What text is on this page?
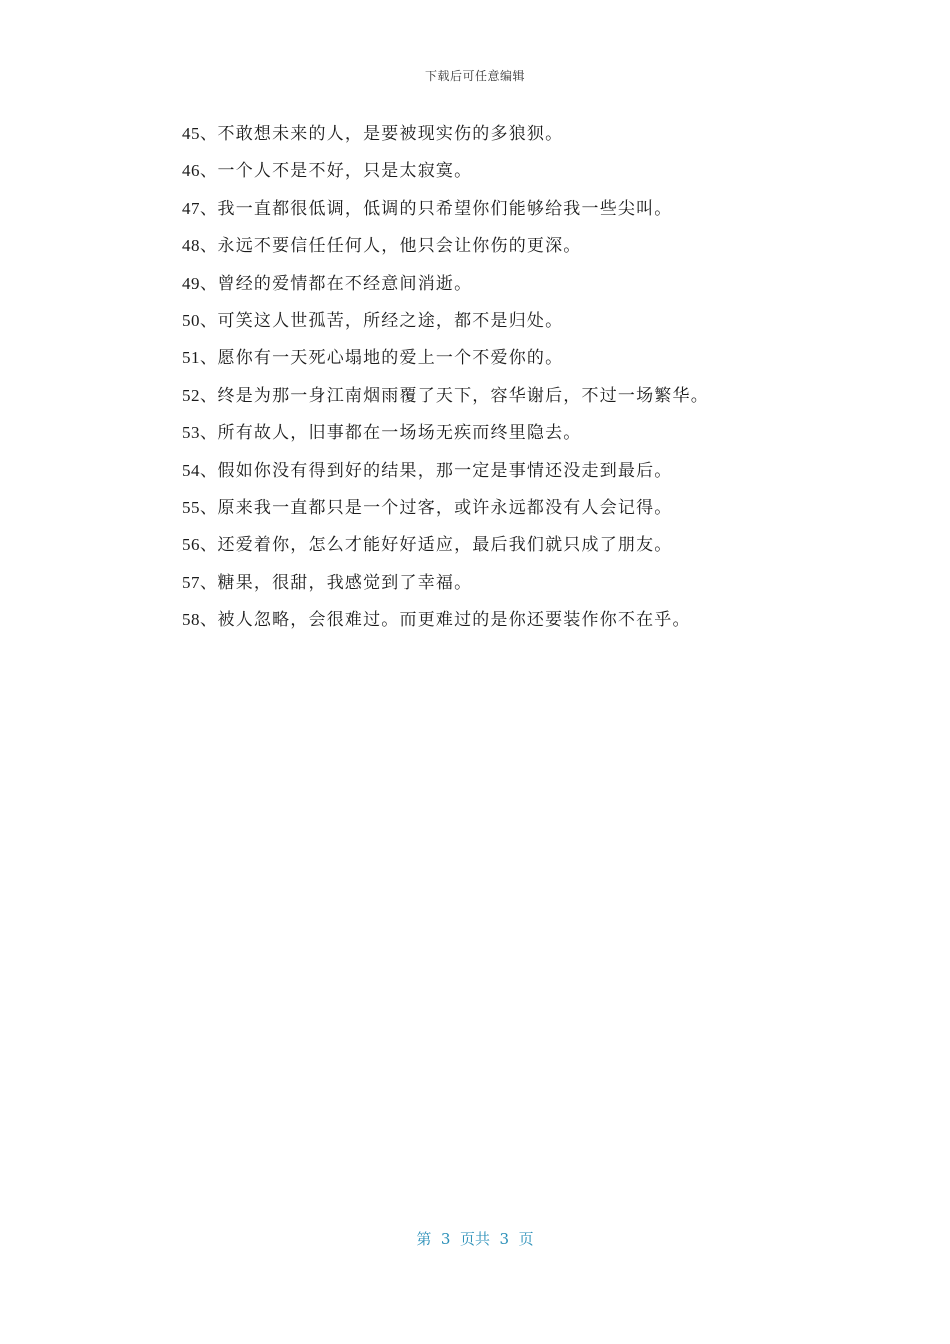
下载后可任意编辑
45、不敢想未来的人，是要被现实伤的多狼狈。
46、一个人不是不好，只是太寂寞。
47、我一直都很低调，低调的只希望你们能够给我一些尖叫。
48、永远不要信任任何人，他只会让你伤的更深。
49、曾经的爱情都在不经意间消逝。
50、可笑这人世孤苦，所经之途，都不是归处。
51、愿你有一天死心塌地的爱上一个不爱你的。
52、终是为那一身江南烟雨覆了天下，容华谢后，不过一场繁华。
53、所有故人，旧事都在一场场无疾而终里隐去。
54、假如你没有得到好的结果，那一定是事情还没走到最后。
55、原来我一直都只是一个过客，或许永远都没有人会记得。
56、还爱着你，怎么才能好好适应，最后我们就只成了朋友。
57、糖果，很甜，我感觉到了幸福。
58、被人忽略，会很难过。而更难过的是你还要装作你不在乎。
第  3  页共  3  页
